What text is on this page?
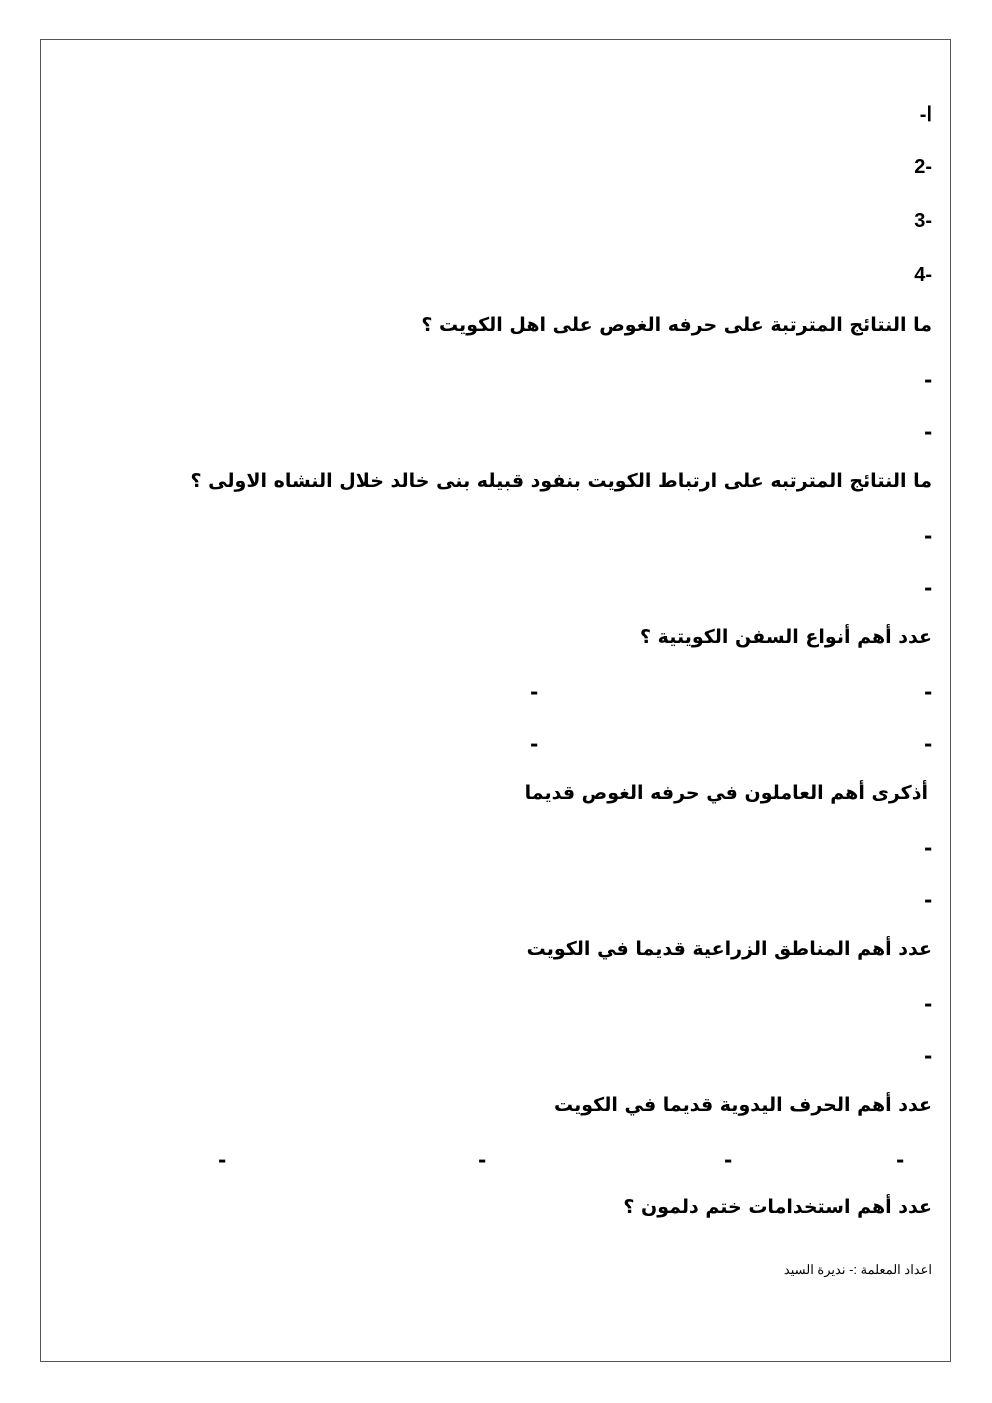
ا-
-2
-3
-4
ما النتائج المترتبة على حرفه الغوص على اهل الكويت ؟
-
-
ما النتائج المترتبه على ارتباط الكويت بنفود قبيله بنى خالد خلال النشاه الاولى ؟
-
-
عدد أهم أنواع السفن الكويتية ؟
-
-
-
-
أذكرى أهم العاملون في حرفه الغوص قديما
-
-
عدد أهم المناطق الزراعية قديما في الكويت
-
-
عدد أهم الحرف اليدوية قديما في الكويت
-
-
-
-
عدد أهم استخدامات ختم دلمون ؟
اعداد المعلمة :- نديرة السيد
